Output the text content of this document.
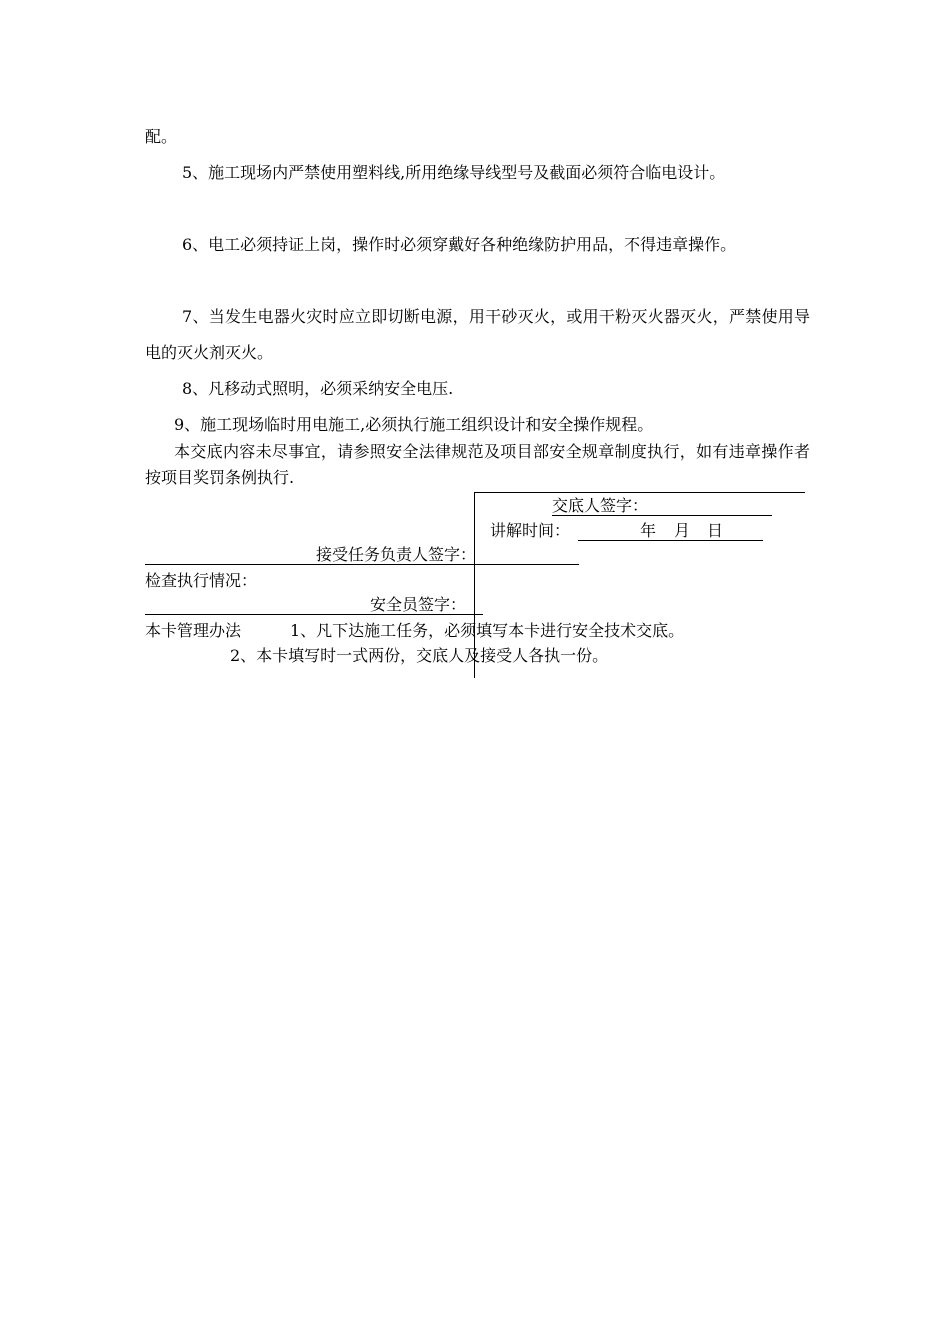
配。
5、施工现场内严禁使用塑料线,所用绝缘导线型号及截面必须符合临电设计。
6、电工必须持证上岗，操作时必须穿戴好各种绝缘防护用品，不得违章操作。
7、当发生电器火灾时应立即切断电源，用干砂灭火，或用干粉灭火器灭火，严禁使用导电的灭火剂灭火。
8、凡移动式照明，必须采纳安全电压.
9、施工现场临时用电施工,必须执行施工组织设计和安全操作规程。
本交底内容未尽事宜，请参照安全法律规范及项目部安全规章制度执行，如有违章操作者按项目奖罚条例执行.
交底人签字：
讲解时间：	年 月 日
接受任务负责人签字：
检查执行情况：
安全员签字：
本卡管理办法	1、凡下达施工任务，必须填写本卡进行安全技术交底。
2、本卡填写时一式两份，交底人及接受人各执一份。
